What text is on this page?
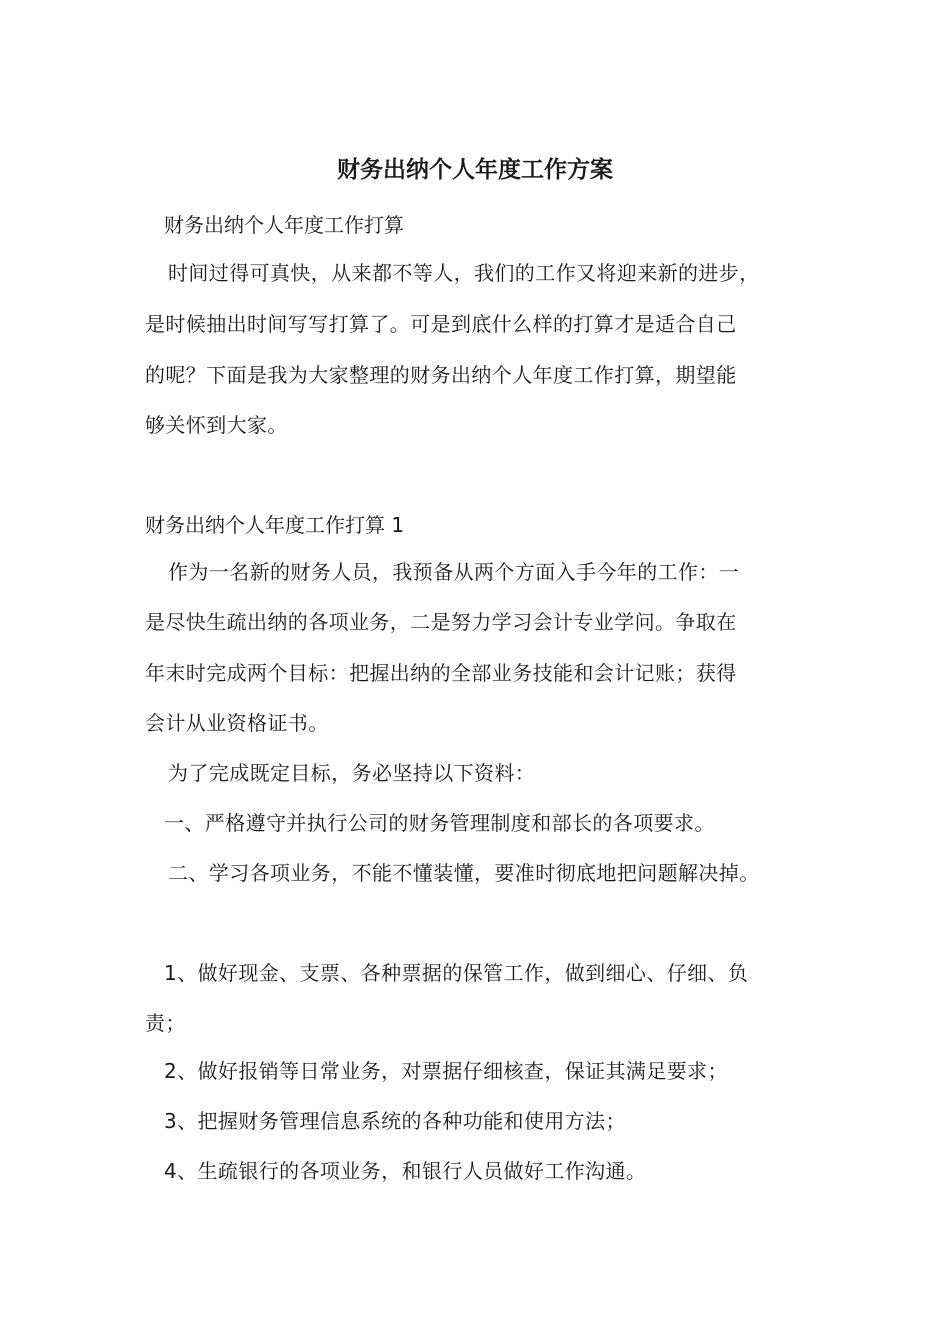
财务出纳个人年度工作方案

财务出纳个人年度工作打算

时间过得可真快，从来都不等人，我们的工作又将迎来新的进步，

是时候抽出时间写写打算了。可是到底什么样的打算才是适合自己

的呢？下面是我为大家整理的财务出纳个人年度工作打算，期望能

够关怀到大家。

财务出纳个人年度工作打算 1

作为一名新的财务人员，我预备从两个方面入手今年的工作：一

是尽快生疏出纳的各项业务，二是努力学习会计专业学问。争取在

年末时完成两个目标：把握出纳的全部业务技能和会计记账；获得

会计从业资格证书。

为了完成既定目标，务必坚持以下资料：

一、严格遵守并执行公司的财务管理制度和部长的各项要求。

二、学习各项业务，不能不懂装懂，要准时彻底地把问题解决掉。

1、做好现金、支票、各种票据的保管工作，做到细心、仔细、负

责；

2、做好报销等日常业务，对票据仔细核查，保证其满足要求；

3、把握财务管理信息系统的各种功能和使用方法；

4、生疏银行的各项业务，和银行人员做好工作沟通。
